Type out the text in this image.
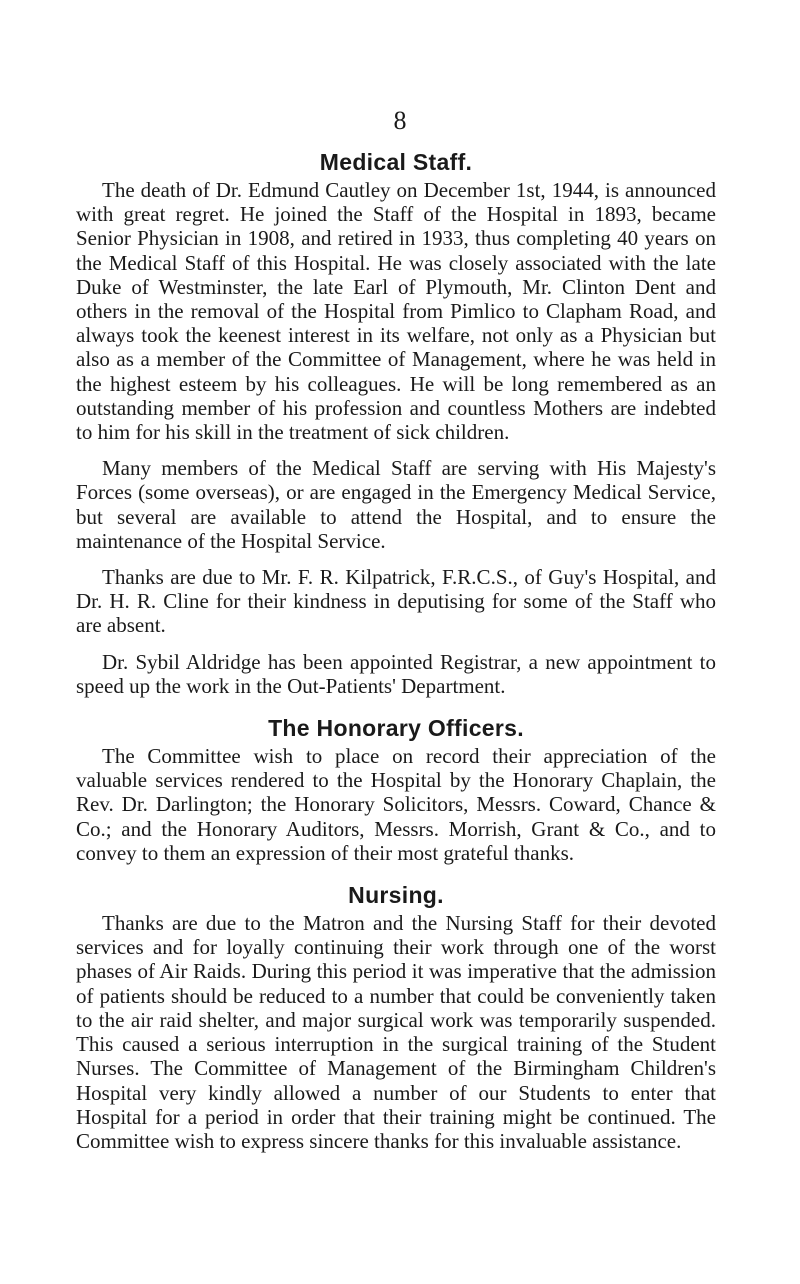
8
Medical Staff.

The death of Dr. Edmund Cautley on December 1st, 1944, is announced with great regret. He joined the Staff of the Hospital in 1893, became Senior Physician in 1908, and retired in 1933, thus completing 40 years on the Medical Staff of this Hospital. He was closely associated with the late Duke of Westminster, the late Earl of Plymouth, Mr. Clinton Dent and others in the removal of the Hospital from Pimlico to Clapham Road, and always took the keenest interest in its welfare, not only as a Physician but also as a member of the Committee of Management, where he was held in the highest esteem by his colleagues. He will be long remembered as an outstanding member of his profession and countless Mothers are indebted to him for his skill in the treatment of sick children.

Many members of the Medical Staff are serving with His Majesty's Forces (some overseas), or are engaged in the Emergency Medical Service, but several are available to attend the Hospital, and to ensure the maintenance of the Hospital Service.

Thanks are due to Mr. F. R. Kilpatrick, F.R.C.S., of Guy's Hospital, and Dr. H. R. Cline for their kindness in deputising for some of the Staff who are absent.

Dr. Sybil Aldridge has been appointed Registrar, a new appointment to speed up the work in the Out-Patients' Department.

The Honorary Officers.

The Committee wish to place on record their appreciation of the valuable services rendered to the Hospital by the Honorary Chaplain, the Rev. Dr. Darlington; the Honorary Solicitors, Messrs. Coward, Chance & Co.; and the Honorary Auditors, Messrs. Morrish, Grant & Co., and to convey to them an expression of their most grateful thanks.

Nursing.

Thanks are due to the Matron and the Nursing Staff for their devoted services and for loyally continuing their work through one of the worst phases of Air Raids. During this period it was imperative that the admission of patients should be reduced to a number that could be conveniently taken to the air raid shelter, and major surgical work was temporarily suspended. This caused a serious interruption in the surgical training of the Student Nurses. The Committee of Management of the Birmingham Children's Hospital very kindly allowed a number of our Students to enter that Hospital for a period in order that their training might be continued. The Committee wish to express sincere thanks for this invaluable assistance.
